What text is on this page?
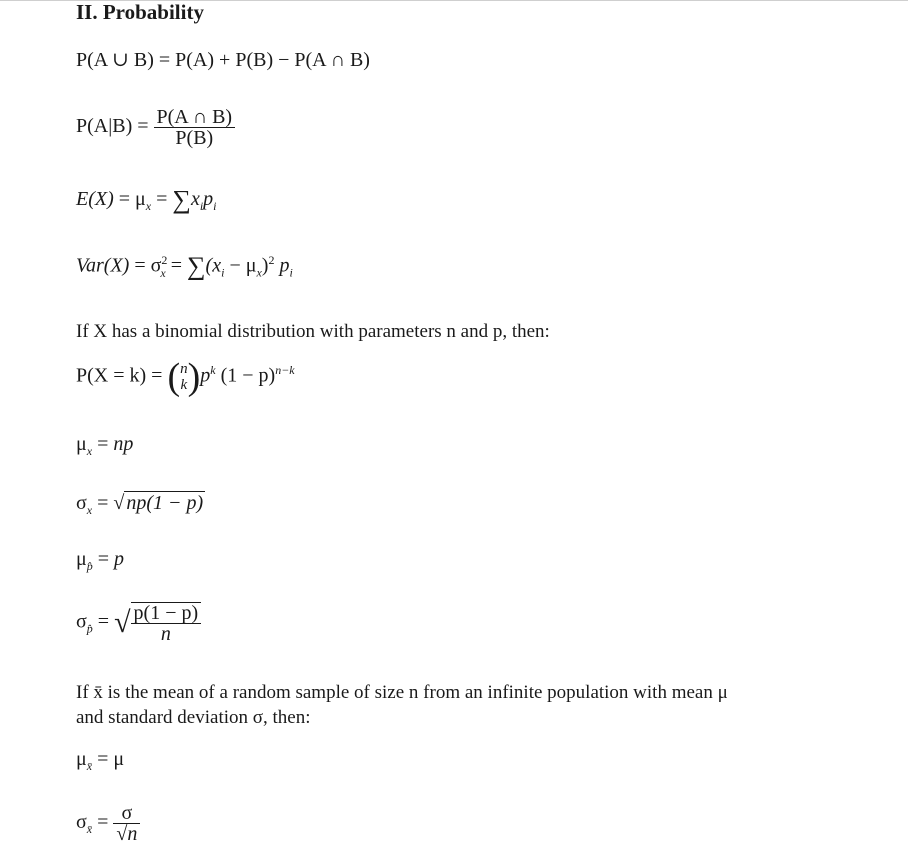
II. Probability
P(A ∪ B) = P(A) + P(B) − P(A ∩ B)
$P(A|B) = \frac{P(A \cap B)}{P(B)}$
$E(X) = \mu_x = \sum x_ip_i$
$Var(X) = \sigma^2_x = \sum(x_i - \mu_x)^2$ $p_i$
If X has a binomial distribution with parameters n and p, then:
P(X = k) = (n
$k)p^k$ $(1 - p)^{n-k}$
$\mu_x$ = np
$\sigma_x$ = √ np(1 − p)
$\mu_{p̂} = p$
$\sigma_{p̂}$ = √ $\frac{p(1 - p)}{n}$
If x̄ is the mean of a random sample of size n from an infinite population with mean μ
and standard deviation σ, then:
$\mu_{x̄} = \mu$
$\sigma_{x̄} = \frac{\sigma}{√n}$
